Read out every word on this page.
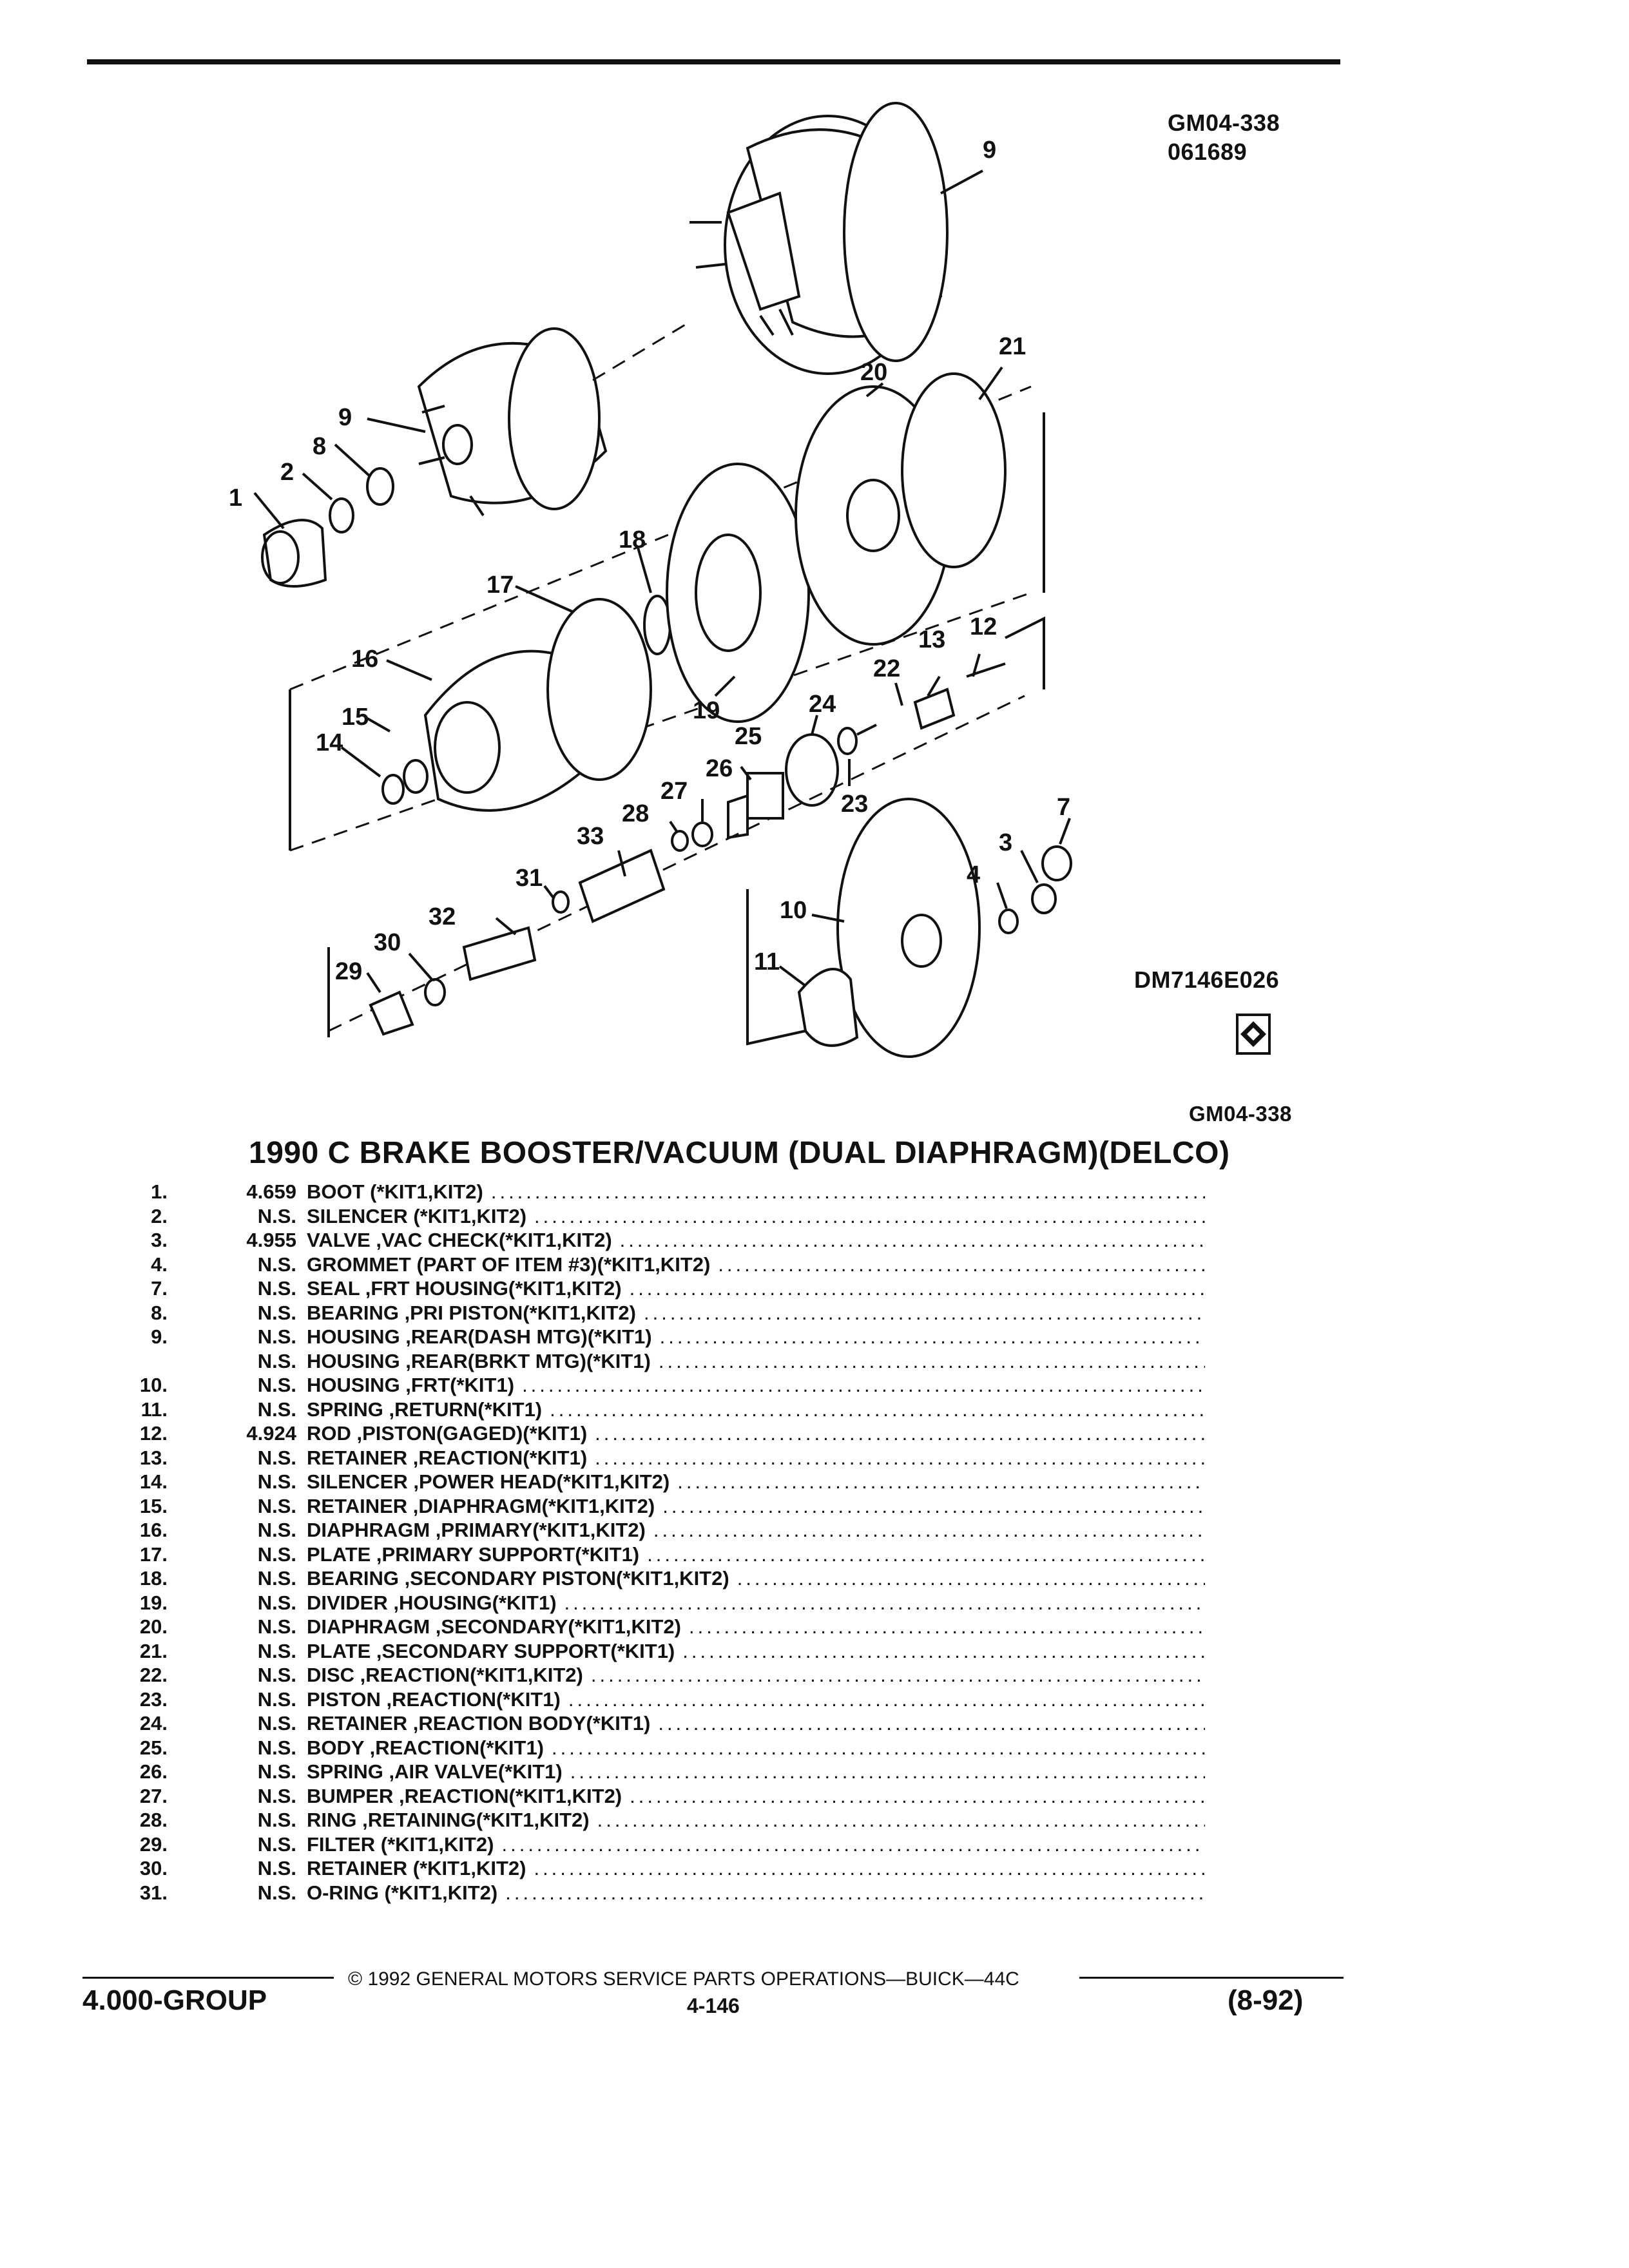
GM04-338
061689
1
2
3
4
7
8
9
9
10
11
12
13
14
15
16
17
18
19
20
21
22
23
24
25
26
27
28
29
30
31
32
33
DM7146E026
GM04-338
1990 C BRAKE BOOSTER/VACUUM (DUAL DIAPHRAGM)(DELCO)
1.	4.659 BOOT (*KIT1,KIT2)
.....
2.	N.S. SILENCER (*KIT1,KIT2)
.....
3.	4.955 VALVE ,VAC CHECK(*KIT1,KIT2)
.....
4.	N.S. GROMMET (PART OF ITEM #3)(*KIT1,KIT2)
.....
7.	N.S. SEAL ,FRT HOUSING(*KIT1,KIT2)
.....
8.	N.S. BEARING ,PRI PISTON(*KIT1,KIT2)
.....
9.	N.S. HOUSING ,REAR(DASH MTG)(*KIT1)
.....
N.S. HOUSING ,REAR(BRKT MTG)(*KIT1)
.....
10.	N.S. HOUSING ,FRT(*KIT1)
.....
11.	N.S. SPRING ,RETURN(*KIT1)
.....
12.	4.924 ROD ,PISTON(GAGED)(*KIT1)
.....
13.	N.S. RETAINER ,REACTION(*KIT1)
.....
14.	N.S. SILENCER ,POWER HEAD(*KIT1,KIT2)
.....
15.	N.S. RETAINER ,DIAPHRAGM(*KIT1,KIT2)
.....
16.	N.S. DIAPHRAGM ,PRIMARY(*KIT1,KIT2)
.....
17.	N.S. PLATE ,PRIMARY SUPPORT(*KIT1)
.....
18.	N.S. BEARING ,SECONDARY PISTON(*KIT1,KIT2)
.....
19.	N.S. DIVIDER ,HOUSING(*KIT1)
.....
20.	N.S. DIAPHRAGM ,SECONDARY(*KIT1,KIT2)
.....
21.	N.S. PLATE ,SECONDARY SUPPORT(*KIT1)
.....
22.	N.S. DISC ,REACTION(*KIT1,KIT2)
.....
23.	N.S. PISTON ,REACTION(*KIT1)
.....
24.	N.S. RETAINER ,REACTION BODY(*KIT1)
.....
25.	N.S. BODY ,REACTION(*KIT1)
.....
26.	N.S. SPRING ,AIR VALVE(*KIT1)
.....
27.	N.S. BUMPER ,REACTION(*KIT1,KIT2)
.....
28.	N.S. RING ,RETAINING(*KIT1,KIT2)
.....
29.	N.S. FILTER (*KIT1,KIT2)
.....
30.	N.S. RETAINER (*KIT1,KIT2)
.....
31.	N.S. O-RING (*KIT1,KIT2)
.....
© 1992 GENERAL MOTORS SERVICE PARTS OPERATIONS—BUICK—44C
4.000-GROUP	4-146	(8-92)
